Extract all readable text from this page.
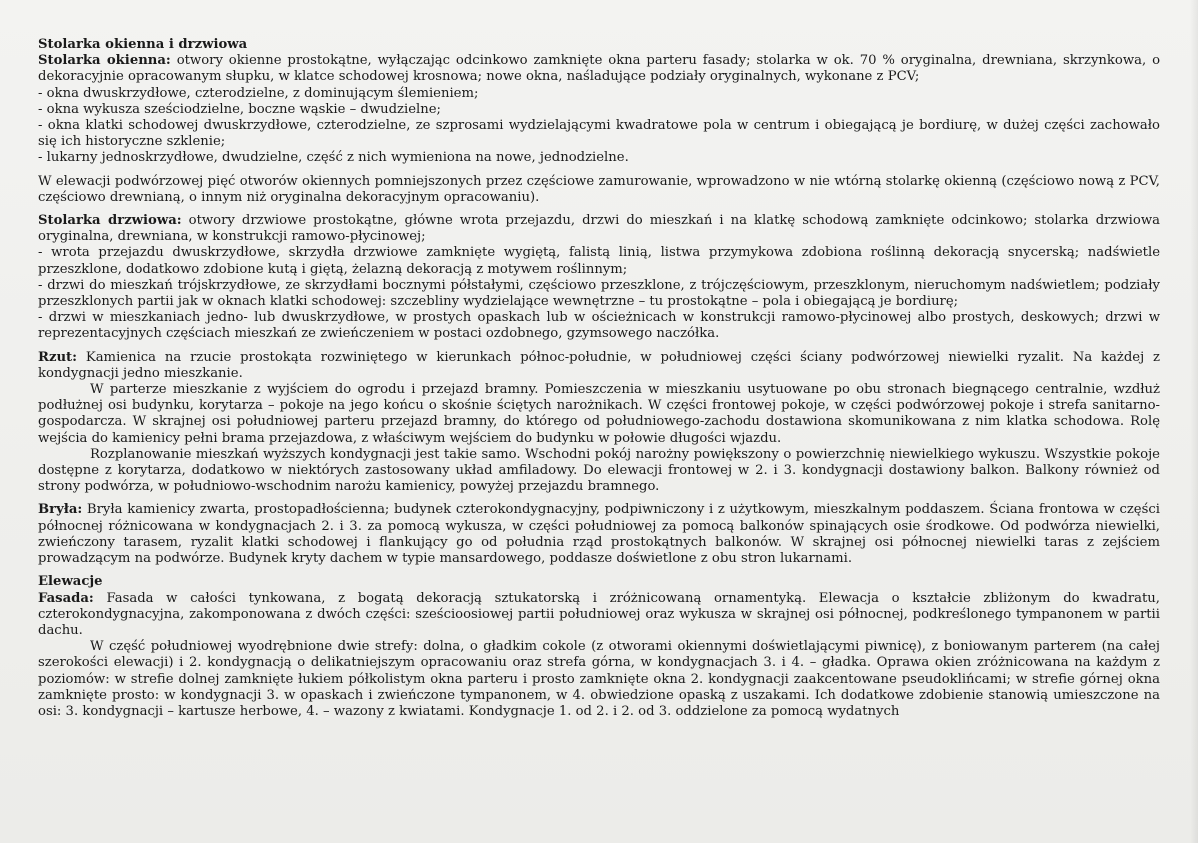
Stolarka okienna i drzwiowa

Stolarka okienna: otwory okienne prostokątne, wyłączając odcinkowo zamknięte okna parteru fasady; stolarka w ok. 70 % oryginalna, drewniana, skrzynkowa, o dekoracyjnie opracowanym słupku, w klatce schodowej krosnowa; nowe okna, naśladujące podziały oryginalnych, wykonane z PCV;

- okna dwuskrzydłowe, czterodzielne, z dominującym ślemieniem;

- okna wykusza sześciodzielne, boczne wąskie – dwudzielne;

- okna klatki schodowej dwuskrzydłowe, czterodzielne, ze szprosami wydzielającymi kwadratowe pola w centrum i obiegającą je bordiurę, w dużej części zachowało się ich historyczne szklenie;

- lukarny jednoskrzydłowe, dwudzielne, część z nich wymieniona na nowe, jednodzielne.

W elewacji podwórzowej pięć otworów okiennych pomniejszonych przez częściowe zamurowanie, wprowadzono w nie wtórną stolarkę okienną (częściowo nową z PCV, częściowo drewnianą, o innym niż oryginalna dekoracyjnym opracowaniu).

Stolarka drzwiowa: otwory drzwiowe prostokątne, główne wrota przejazdu, drzwi do mieszkań i na klatkę schodową zamknięte odcinkowo; stolarka drzwiowa oryginalna, drewniana, w konstrukcji ramowo-płycinowej;

- wrota przejazdu dwuskrzydłowe, skrzydła drzwiowe zamknięte wygiętą, falistą linią, listwa przymykowa zdobiona roślinną dekoracją snycerską; nadświetle przeszklone, dodatkowo zdobione kutą i giętą, żelazną dekoracją z motywem roślinnym;

- drzwi do mieszkań trójskrzydłowe, ze skrzydłami bocznymi półstałymi, częściowo przeszklone, z trójczęściowym, przeszklonym, nieruchomym nadświetlem; podziały przeszklonych partii jak w oknach klatki schodowej: szczebliny wydzielające wewnętrzne – tu prostokątne – pola i obiegającą je bordiurę;

- drzwi w mieszkaniach jedno- lub dwuskrzydłowe, w prostych opaskach lub w ościeżnicach w konstrukcji ramowo-płycinowej albo prostych, deskowych; drzwi w reprezentacyjnych częściach mieszkań ze zwieńczeniem w postaci ozdobnego, gzymsowego naczółka.

Rzut: Kamienica na rzucie prostokąta rozwiniętego w kierunkach północ-południe, w południowej części ściany podwórzowej niewielki ryzalit. Na każdej z kondygnacji jedno mieszkanie.

W parterze mieszkanie z wyjściem do ogrodu i przejazd bramny. Pomieszczenia w mieszkaniu usytuowane po obu stronach biegnącego centralnie, wzdłuż podłużnej osi budynku, korytarza – pokoje na jego końcu o skośnie ściętych narożnikach. W części frontowej pokoje, w części podwórzowej pokoje i strefa sanitarno-gospodarcza. W skrajnej osi południowej parteru przejazd bramny, do którego od południowego-zachodu dostawiona skomunikowana z nim klatka schodowa. Rolę wejścia do kamienicy pełni brama przejazdowa, z właściwym wejściem do budynku w połowie długości wjazdu.

Rozplanowanie mieszkań wyższych kondygnacji jest takie samo. Wschodni pokój narożny powiększony o powierzchnię niewielkiego wykuszu. Wszystkie pokoje dostępne z korytarza, dodatkowo w niektórych zastosowany układ amfiladowy. Do elewacji frontowej w 2. i 3. kondygnacji dostawiony balkon. Balkony również od strony podwórza, w południowo-wschodnim narożu kamienicy, powyżej przejazdu bramnego.

Bryła: Bryła kamienicy zwarta, prostopadłościenna; budynek czterokondygnacyjny, podpiwniczony i z użytkowym, mieszkalnym poddaszem. Ściana frontowa w części północnej różnicowana w kondygnacjach 2. i 3. za pomocą wykusza, w części południowej za pomocą balkonów spinających osie środkowe. Od podwórza niewielki, zwieńczony tarasem, ryzalit klatki schodowej i flankujący go od południa rząd prostokątnych balkonów. W skrajnej osi północnej niewielki taras z zejściem prowadzącym na podwórze. Budynek kryty dachem w typie mansardowego, poddasze doświetlone z obu stron lukarnami.

Elewacje

Fasada: Fasada w całości tynkowana, z bogatą dekoracją sztukatorską i zróżnicowaną ornamentyką. Elewacja o kształcie zbliżonym do kwadratu, czterokondygnacyjna, zakomponowana z dwóch części: sześcioosiowej partii południowej oraz wykusza w skrajnej osi północnej, podkreślonego tympanonem w partii dachu.

W część południowej wyodrębnione dwie strefy: dolna, o gładkim cokole (z otworami okiennymi doświetlającymi piwnicę), z boniowanym parterem (na całej szerokości elewacji) i 2. kondygnacją o delikatniejszym opracowaniu oraz strefa górna, w kondygnacjach 3. i 4. – gładka. Oprawa okien zróżnicowana na każdym z poziomów: w strefie dolnej zamknięte łukiem półkolistym okna parteru i prosto zamknięte okna 2. kondygnacji zaakcentowane pseudoklińcami; w strefie górnej okna zamknięte prosto: w kondygnacji 3. w opaskach i zwieńczone tympanonem, w 4. obwiedzione opaską z uszakami. Ich dodatkowe zdobienie stanowią umieszczone na osi: 3. kondygnacji – kartusze herbowe, 4. – wazony z kwiatami. Kondygnacje 1. od 2. i 2. od 3. oddzielone za pomocą wydatnych
